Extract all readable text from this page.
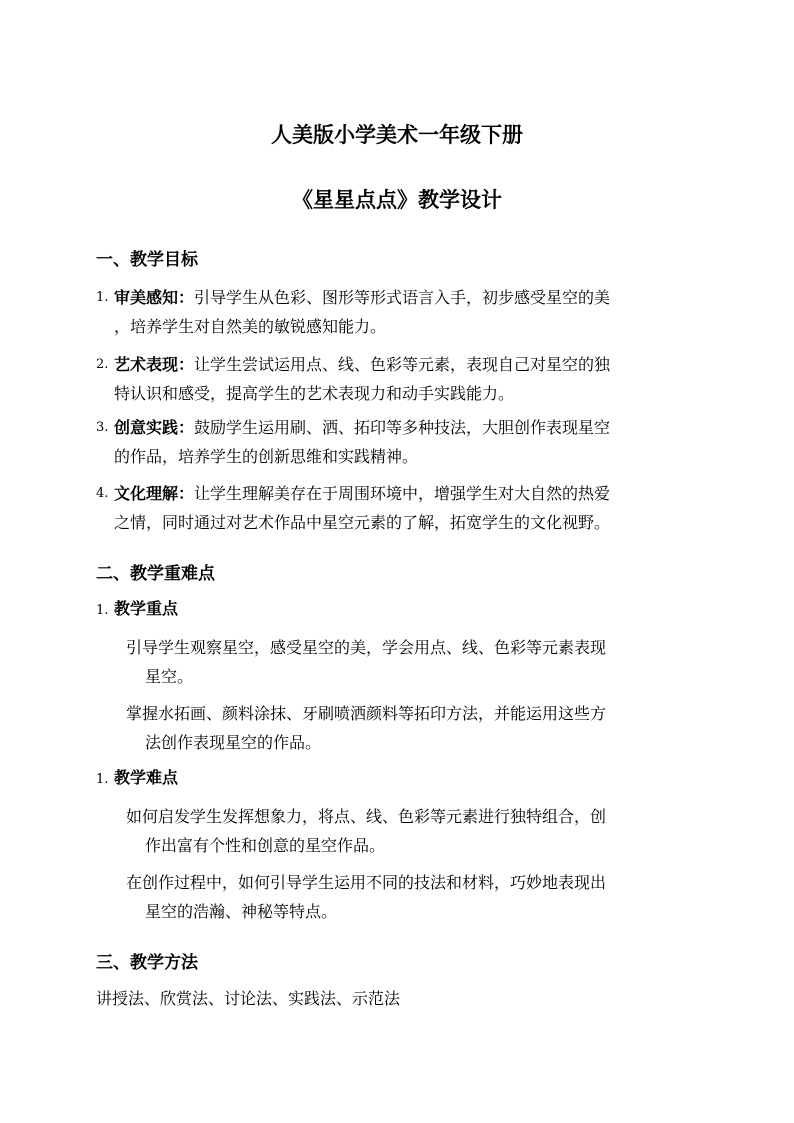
人美版小学美术一年级下册
《星星点点》教学设计
一、教学目标
1. 审美感知：引导学生从色彩、图形等形式语言入手，初步感受星空的美
，培养学生对自然美的敏锐感知能力。
2. 艺术表现：让学生尝试运用点、线、色彩等元素，表现自己对星空的独
特认识和感受，提高学生的艺术表现力和动手实践能力。
3. 创意实践：鼓励学生运用刷、洒、拓印等多种技法，大胆创作表现星空
的作品，培养学生的创新思维和实践精神。
4. 文化理解：让学生理解美存在于周围环境中，增强学生对大自然的热爱
之情，同时通过对艺术作品中星空元素的了解，拓宽学生的文化视野。
二、教学重难点
1. 教学重点
引导学生观察星空，感受星空的美，学会用点、线、色彩等元素表现
星空。
掌握水拓画、颜料涂抹、牙刷喷洒颜料等拓印方法，并能运用这些方
法创作表现星空的作品。
1. 教学难点
如何启发学生发挥想象力，将点、线、色彩等元素进行独特组合，创
作出富有个性和创意的星空作品。
在创作过程中，如何引导学生运用不同的技法和材料，巧妙地表现出
星空的浩瀚、神秘等特点。
三、教学方法
讲授法、欣赏法、讨论法、实践法、示范法
